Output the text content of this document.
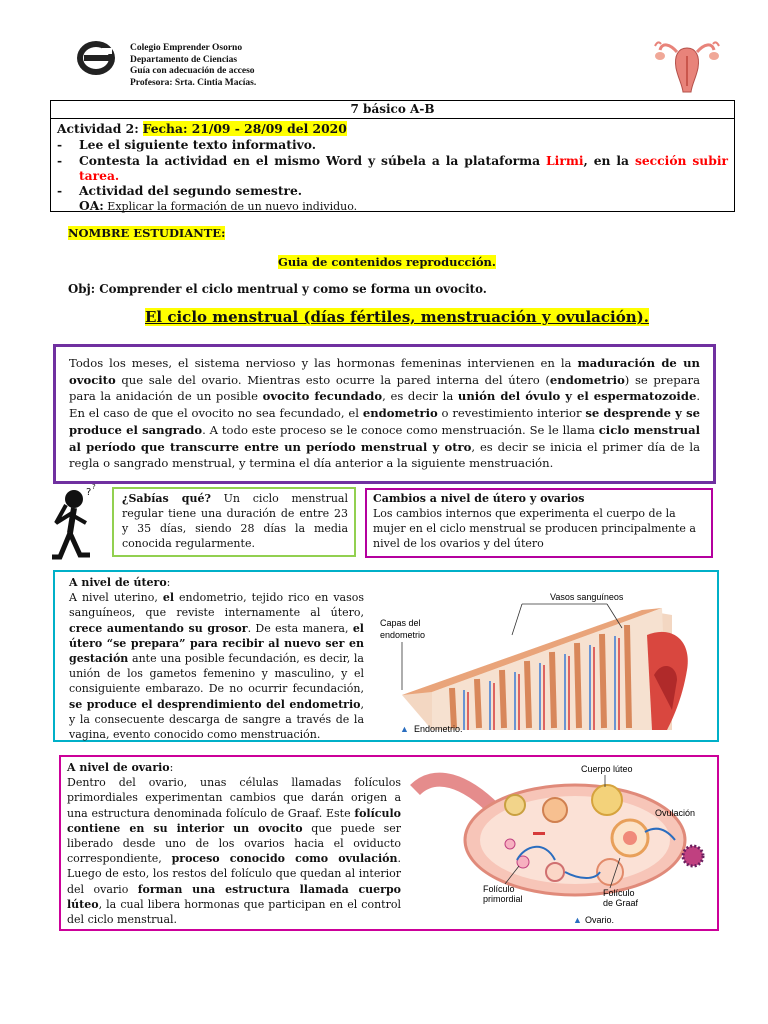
Colegio Emprender Osorno
Departamento de Ciencias
Guía con adecuación de acceso
Profesora: Srta. Cintia Macías.
7 básico A-B
Actividad 2: Fecha: 21/09 - 28/09 del 2020
- Lee el siguiente texto informativo.
- Contesta la actividad en el mismo Word y súbela a la plataforma Lirmi, en la sección subir tarea.
- Actividad del segundo semestre.
OA: Explicar la formación de un nuevo individuo.
NOMBRE ESTUDIANTE:
Guia de contenidos reproducción.
Obj: Comprender el ciclo mentrual y como se forma un ovocito.
El ciclo menstrual (días fértiles, menstruación y ovulación).

Todos los meses, el sistema nervioso y las hormonas femeninas intervienen en la maduración de un ovocito que sale del ovario. Mientras esto ocurre la pared interna del útero (endometrio) se prepara para la anidación de un posible ovocito fecundado, es decir la unión del óvulo y el espermatozoide. En el caso de que el ovocito no sea fecundado, el endometrio o revestimiento interior se desprende y se produce el sangrado. A todo este proceso se le conoce como menstruación. Se le llama ciclo menstrual al período que transcurre entre un período menstrual y otro, es decir se inicia el primer día de la regla o sangrado menstrual, y termina el día anterior a la siguiente menstruación.

? ?
¿Sabías qué? Un ciclo menstrual regular tiene una duración de entre 23 y 35 días, siendo 28 días la media conocida regularmente.
Cambios a nivel de útero y ovarios
Los cambios internos que experimenta el cuerpo de la mujer en el ciclo menstrual se producen principalmente a nivel de los ovarios y del útero
A nivel de útero:
A nivel uterino, el endometrio, tejido rico en vasos sanguíneos, que reviste internamente al útero, crece aumentando su grosor. De esta manera, el útero “se prepara” para recibir al nuevo ser en gestación ante una posible fecundación, es decir, la unión de los gametos femenino y masculino, y el consiguiente embarazo. De no ocurrir fecundación, se produce el desprendimiento del endometrio, y la consecuente descarga de sangre a través de la vagina, evento conocido como menstruación.
Vasos sanguíneos
Capas del
endometrio
▲ Endometrio.
A nivel de ovario:
Dentro del ovario, unas células llamadas folículos primordiales experimentan cambios que darán origen a una estructura denominada folículo de Graaf. Este folículo contiene en su interior un ovocito que puede ser liberado desde uno de los ovarios hacia el oviducto correspondiente, proceso conocido como ovulación. Luego de esto, los restos del folículo que quedan al interior del ovario forman una estructura llamada cuerpo lúteo, la cual libera hormonas que participan en el control del ciclo menstrual.
Cuerpo lúteo
Ovulación
Folículo
primordial
Folículo
de Graaf
▲ Ovario.
